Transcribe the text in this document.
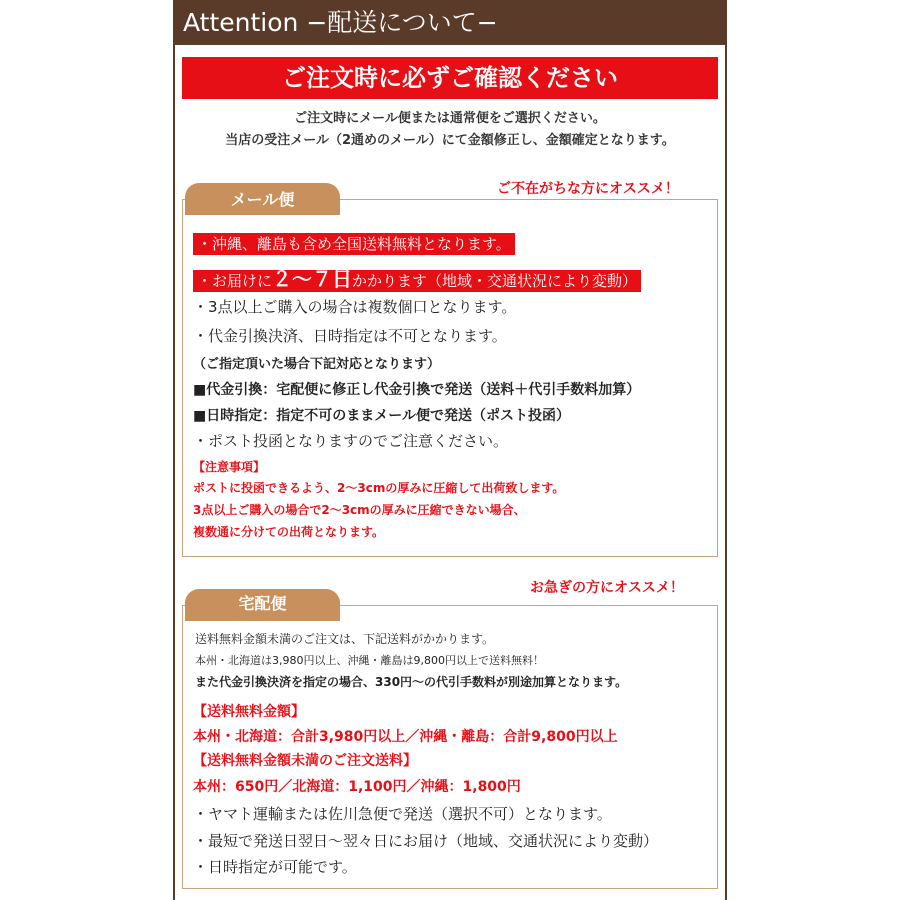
Attention −配送について−
ご注文時に必ずご確認ください
ご注文時にメール便または通常便をご選択ください。
当店の受注メール（2通めのメール）にて金額修正し、金額確定となります。
メール便
ご不在がちな方にオススメ！
・沖縄、離島も含め全国送料無料となります。
・お届けに２〜７日かかります（地域・交通状況により変動）
・3点以上ご購入の場合は複数個口となります。
・代金引換決済、日時指定は不可となります。
（ご指定頂いた場合下記対応となります）
■代金引換：宅配便に修正し代金引換で発送（送料＋代引手数料加算）
■日時指定：指定不可のままメール便で発送（ポスト投函）
・ポスト投函となりますのでご注意ください。
【注意事項】
ポストに投函できるよう、2〜3cmの厚みに圧縮して出荷致します。
3点以上ご購入の場合で2〜3cmの厚みに圧縮できない場合、
複数通に分けての出荷となります。
宅配便
お急ぎの方にオススメ！
送料無料金額未満のご注文は、下記送料がかかります。
本州・北海道は3,980円以上、沖縄・離島は9,800円以上で送料無料！
また代金引換決済を指定の場合、330円〜の代引手数料が別途加算となります。
【送料無料金額】
本州・北海道：合計3,980円以上／沖縄・離島：合計9,800円以上
【送料無料金額未満のご注文送料】
本州：650円／北海道：1,100円／沖縄：1,800円
・ヤマト運輸または佐川急便で発送（選択不可）となります。
・最短で発送日翌日〜翌々日にお届け（地域、交通状況により変動）
・日時指定が可能です。
